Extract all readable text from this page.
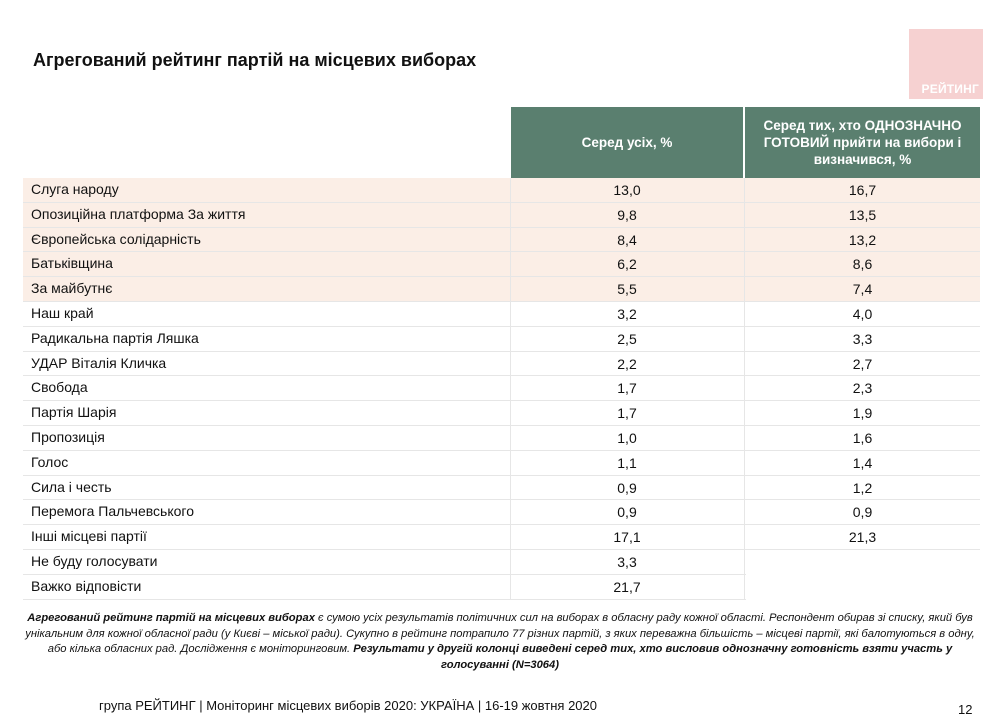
Агрегований рейтинг партій на місцевих виборах
РЕЙТИНГ
Серед усіх, %
Серед тих, хто ОДНОЗНАЧНО ГОТОВИЙ прийти на вибори і визначився, %
Слуга народу	13,0	16,7
Опозиційна платформа За життя	9,8	13,5
Європейська солідарність	8,4	13,2
Батьківщина	6,2	8,6
За майбутнє	5,5	7,4
Наш край	3,2	4,0
Радикальна партія Ляшка	2,5	3,3
УДАР Віталія Кличка	2,2	2,7
Свобода	1,7	2,3
Партія Шарія	1,7	1,9
Пропозиція	1,0	1,6
Голос	1,1	1,4
Сила і честь	0,9	1,2
Перемога Пальчевського	0,9	0,9
Інші місцеві партії	17,1	21,3
Не буду голосувати	3,3
Важко відповісти	21,7
Агрегований рейтинг партій на місцевих виборах є сумою усіх результатів політичних сил на виборах в обласну раду кожної області. Респондент обирав зі списку, який був унікальним для кожної обласної ради (у Києві – міської ради). Сукупно в рейтинг потрапило 77 різних партій, з яких переважна більшість – місцеві партії, які балотуються в одну, або кілька обласних рад. Дослідження є моніторинговим. Результати у другій колонці виведені серед тих, хто висловив однозначну готовність взяти участь у голосуванні (N=3064)
група РЕЙТИНГ | Моніторинг місцевих виборів 2020: УКРАЇНА | 16-19 жовтня 2020	12
